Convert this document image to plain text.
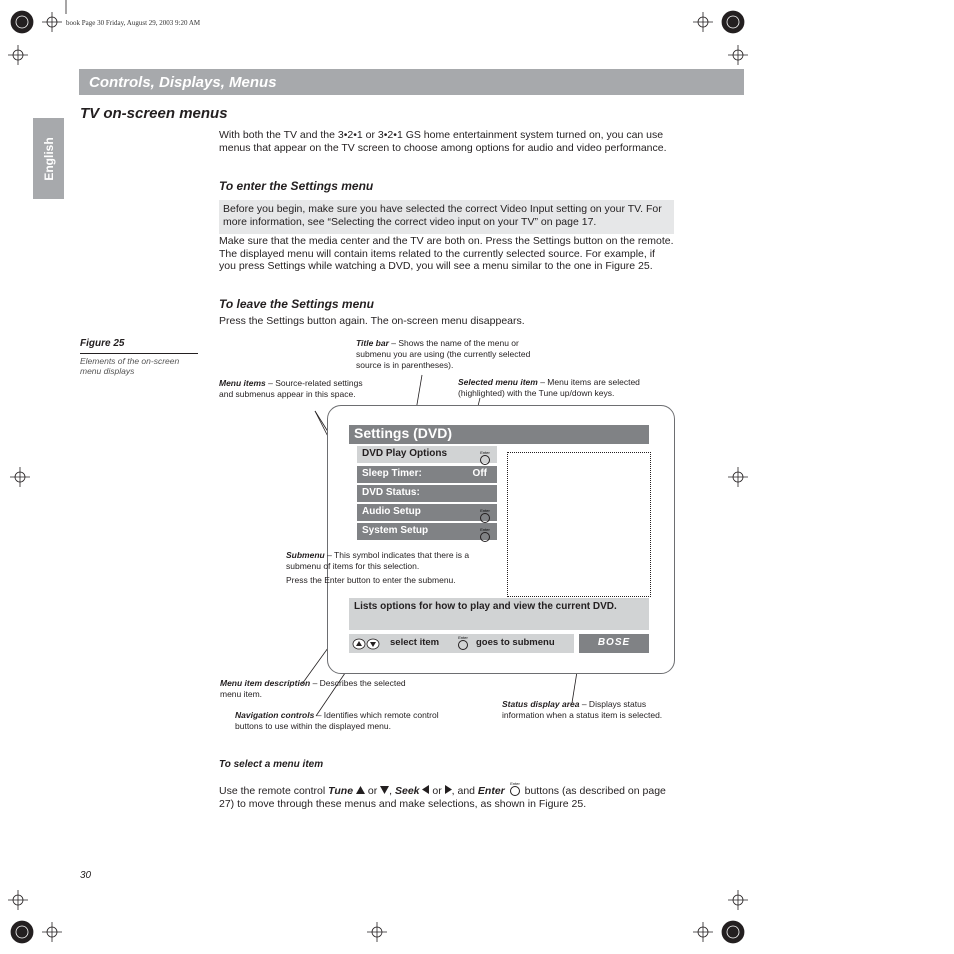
book Page 30 Friday, August 29, 2003 9:20 AM
Controls, Displays, Menus
English
TV on-screen menus
With both the TV and the 3•2•1 or 3•2•1 GS home entertainment system turned on, you can use menus that appear on the TV screen to choose among options for audio and video performance.
To enter the Settings menu
Before you begin, make sure you have selected the correct Video Input setting on your TV. For more information, see “Selecting the correct video input on your TV” on page 17.
Make sure that the media center and the TV are both on. Press the Settings button on the remote. The displayed menu will contain items related to the currently selected source. For example, if you press Settings while watching a DVD, you will see a menu similar to the one in Figure 25.
To leave the Settings menu
Press the Settings button again. The on-screen menu disappears.
Figure 25
Elements of the on-screen menu displays
Title bar – Shows the name of the menu or submenu you are using (the currently selected source is in parentheses).
Menu items – Source-related settings and submenus appear in this space.
Selected menu item – Menu items are selected (highlighted) with the Tune up/down keys.
Settings (DVD)
DVD Play Options
Sleep Timer:	Off
DVD Status:
Audio Setup
System Setup
Enter
Enter
Enter
Lists options for how to play and view the current DVD.
select item	Enter goes to submenu	BOSE
Submenu – This symbol indicates that there is a submenu of items for this selection.
Press the Enter button to enter the submenu.
Menu item description – Describes the selected menu item.
Navigation controls – Identifies which remote control buttons to use within the displayed menu.
Status display area – Displays status information when a status item is selected.
To select a menu item
Use the remote control Tune or , Seek or , and Enter
Enter
buttons (as described on page 27) to move through these menus and make selections, as shown in Figure 25.
30
